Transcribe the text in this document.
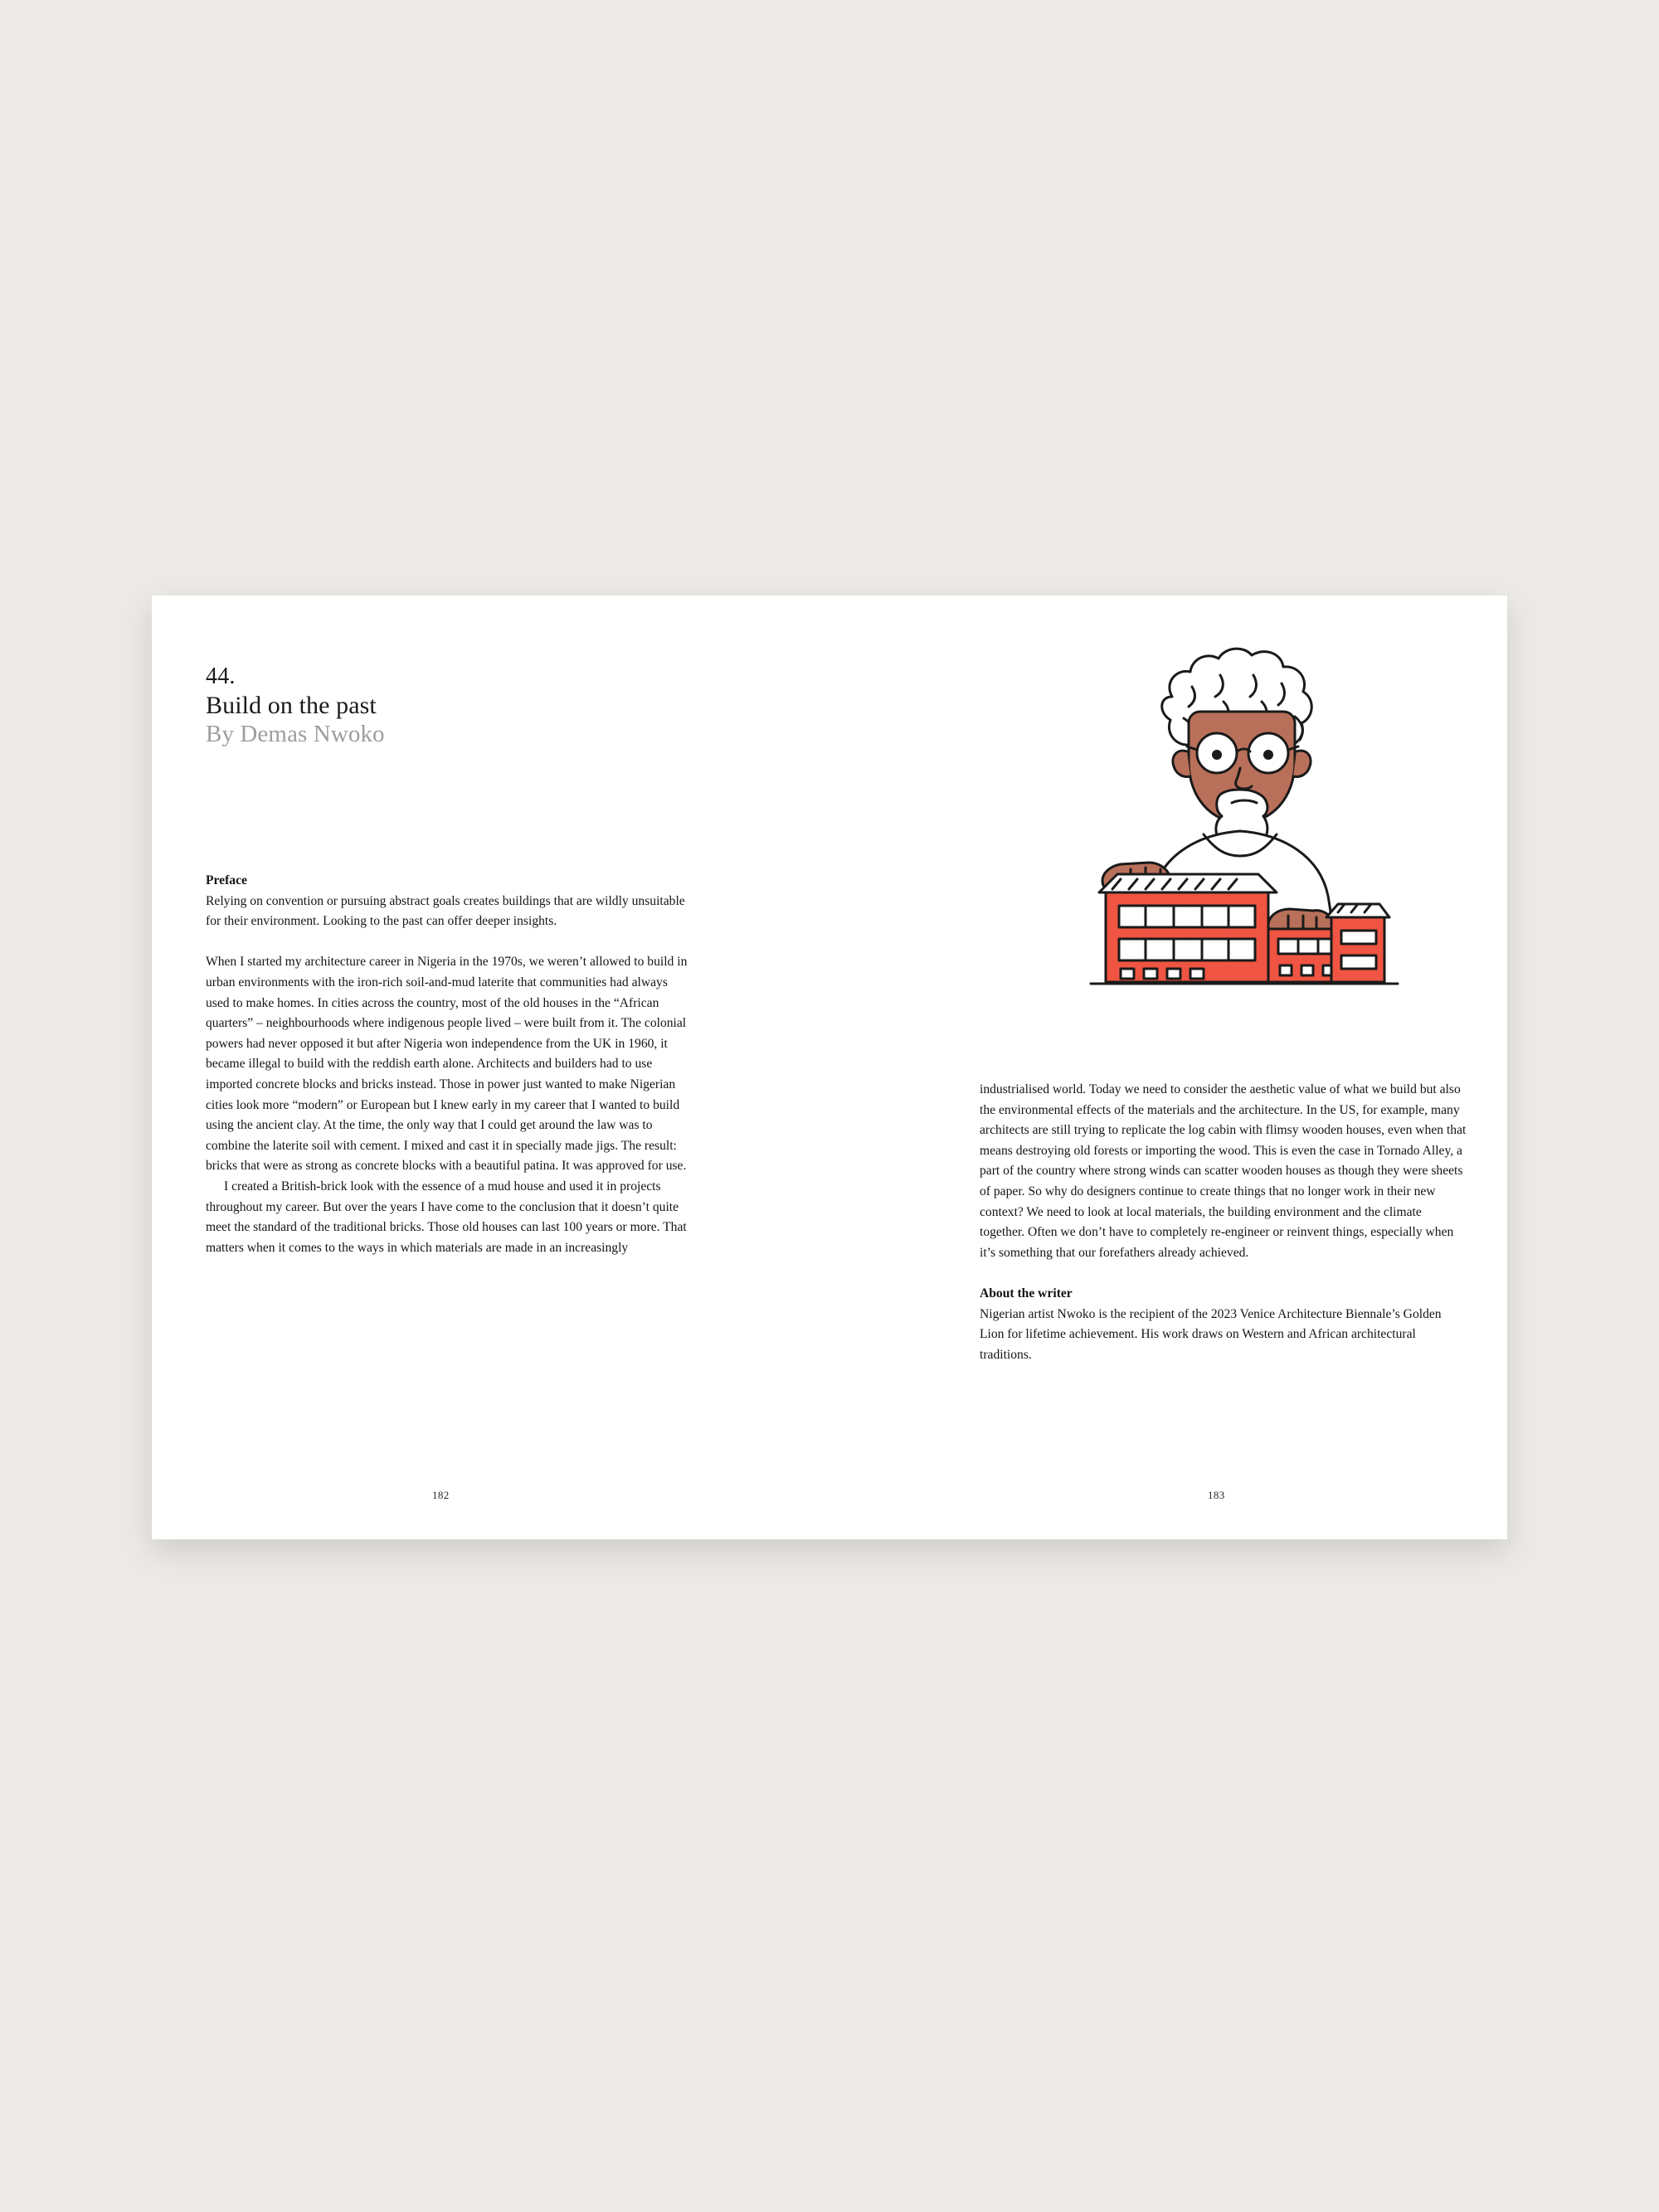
44.
Build on the past
By Demas Nwoko
Preface

Relying on convention or pursuing abstract goals creates buildings that are wildly unsuitable for their environment. Looking to the past can offer deeper insights.

When I started my architecture career in Nigeria in the 1970s, we weren’t allowed to build in urban environments with the iron-rich soil-and-mud laterite that communities had always used to make homes. In cities across the country, most of the old houses in the “African quarters” – neighbourhoods where indigenous people lived – were built from it. The colonial powers had never opposed it but after Nigeria won independence from the UK in 1960, it became illegal to build with the reddish earth alone. Architects and builders had to use imported concrete blocks and bricks instead. Those in power just wanted to make Nigerian cities look more “modern” or European but I knew early in my career that I wanted to build using the ancient clay. At the time, the only way that I could get around the law was to combine the laterite soil with cement. I mixed and cast it in specially made jigs. The result: bricks that were as strong as concrete blocks with a beautiful patina. It was approved for use.

I created a British-brick look with the essence of a mud house and used it in projects throughout my career. But over the years I have come to the conclusion that it doesn’t quite meet the standard of the traditional bricks. Those old houses can last 100 years or more. That matters when it comes to the ways in which materials are made in an increasingly

industrialised world. Today we need to consider the aesthetic value of what we build but also the environmental effects of the materials and the architecture. In the US, for example, many architects are still trying to replicate the log cabin with flimsy wooden houses, even when that means destroying old forests or importing the wood. This is even the case in Tornado Alley, a part of the country where strong winds can scatter wooden houses as though they were sheets of paper. So why do designers continue to create things that no longer work in their new context? We need to look at local materials, the building environment and the climate together. Often we don’t have to completely re-engineer or reinvent things, especially when it’s something that our forefathers already achieved.

About the writer

Nigerian artist Nwoko is the recipient of the 2023 Venice Architecture Biennale’s Golden Lion for lifetime achievement. His work draws on Western and African architectural traditions.

182	183
